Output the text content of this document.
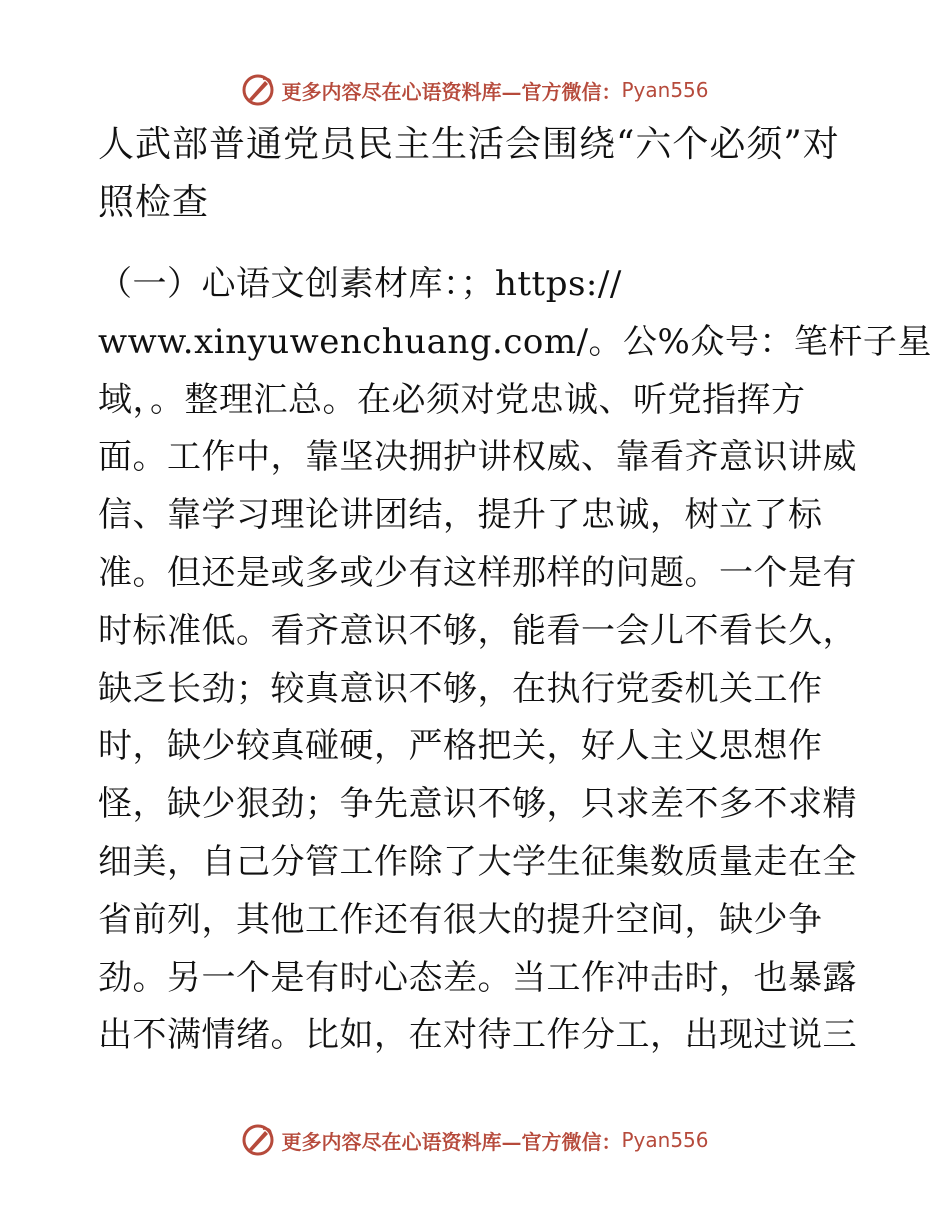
更多内容尽在心语资料库—官方微信： Pyan556
人武部普通党员民主生活会围绕“六个必须”对
照检查
（一）心语文创素材库：；https://
www.xinyuwenchuang.com/。公%众号：笔杆子星
域，。整理汇总。在必须对党忠诚、听党指挥方
面。工作中，靠坚决拥护讲权威、靠看齐意识讲威
信、靠学习理论讲团结，提升了忠诚，树立了标
准。但还是或多或少有这样那样的问题。一个是有
时标准低。看齐意识不够，能看一会儿不看长久，
缺乏长劲；较真意识不够，在执行党委机关工作
时，缺少较真碰硬，严格把关，好人主义思想作
怪，缺少狠劲；争先意识不够，只求差不多不求精
细美，自己分管工作除了大学生征集数质量走在全
省前列，其他工作还有很大的提升空间，缺少争
劲。另一个是有时心态差。当工作冲击时，也暴露
出不满情绪。比如，在对待工作分工，出现过说三
更多内容尽在心语资料库—官方微信： Pyan556
